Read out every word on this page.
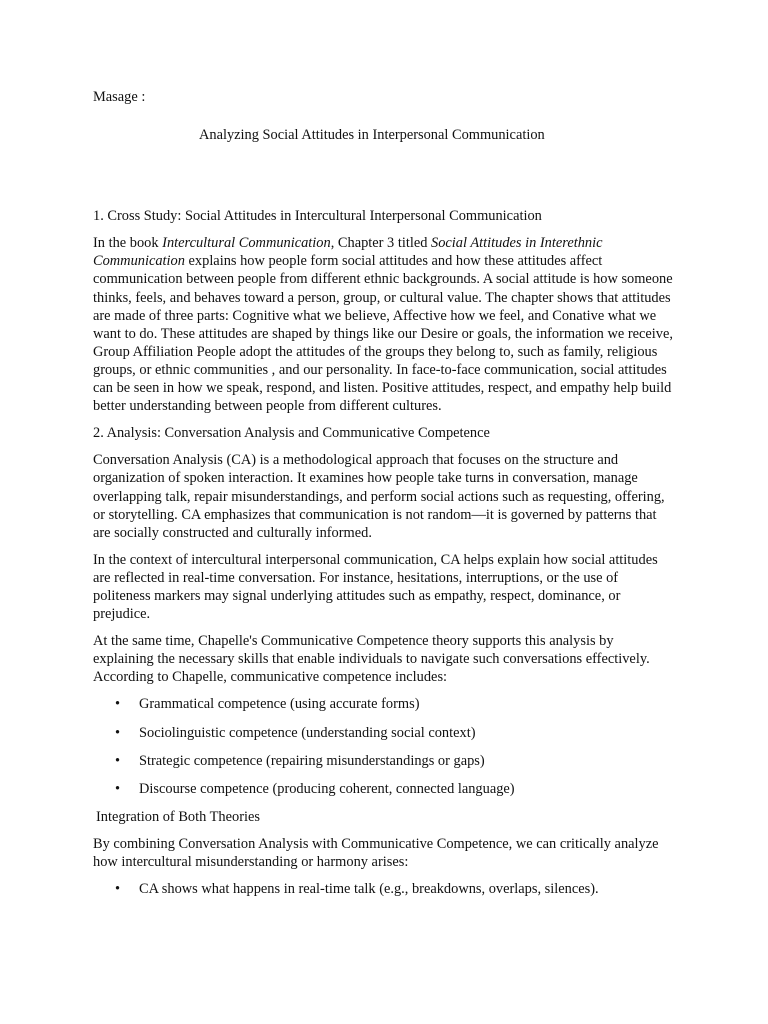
Masage :

Analyzing Social Attitudes in Interpersonal Communication

1. Cross Study: Social Attitudes in Intercultural Interpersonal Communication

In the book Intercultural Communication, Chapter 3 titled Social Attitudes in Interethnic Communication explains how people form social attitudes and how these attitudes affect communication between people from different ethnic backgrounds. A social attitude is how someone thinks, feels, and behaves toward a person, group, or cultural value. The chapter shows that attitudes are made of three parts: Cognitive what we believe, Affective how we feel, and Conative what we want to do. These attitudes are shaped by things like our Desire or goals, the information we receive, Group Affiliation People adopt the attitudes of the groups they belong to, such as family, religious groups, or ethnic communities , and our personality. In face-to-face communication, social attitudes can be seen in how we speak, respond, and listen. Positive attitudes, respect, and empathy help build better understanding between people from different cultures.

2. Analysis: Conversation Analysis and Communicative Competence

Conversation Analysis (CA) is a methodological approach that focuses on the structure and organization of spoken interaction. It examines how people take turns in conversation, manage overlapping talk, repair misunderstandings, and perform social actions such as requesting, offering, or storytelling. CA emphasizes that communication is not random—it is governed by patterns that are socially constructed and culturally informed.

In the context of intercultural interpersonal communication, CA helps explain how social attitudes are reflected in real-time conversation. For instance, hesitations, interruptions, or the use of politeness markers may signal underlying attitudes such as empathy, respect, dominance, or prejudice.

At the same time, Chapelle's Communicative Competence theory supports this analysis by explaining the necessary skills that enable individuals to navigate such conversations effectively. According to Chapelle, communicative competence includes:

• Grammatical competence (using accurate forms)
• Sociolinguistic competence (understanding social context)
• Strategic competence (repairing misunderstandings or gaps)
• Discourse competence (producing coherent, connected language)

Integration of Both Theories

By combining Conversation Analysis with Communicative Competence, we can critically analyze how intercultural misunderstanding or harmony arises:

• CA shows what happens in real-time talk (e.g., breakdowns, overlaps, silences).
